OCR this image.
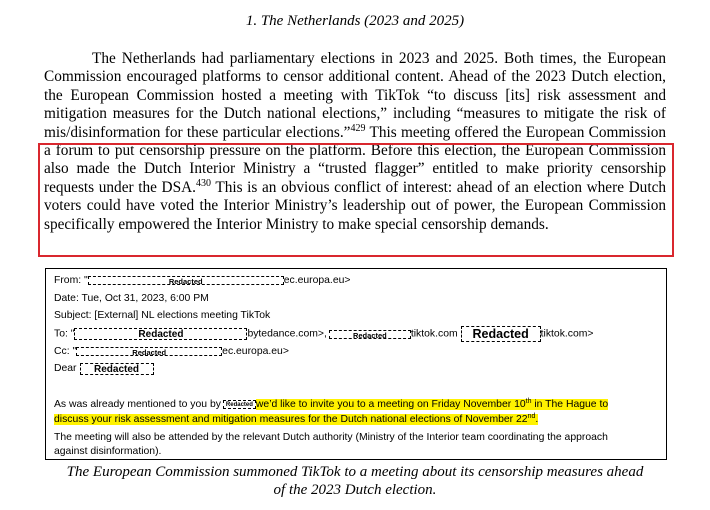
1. The Netherlands (2023 and 2025)

The Netherlands had parliamentary elections in 2023 and 2025. Both times, the European Commission encouraged platforms to censor additional content. Ahead of the 2023 Dutch election, the European Commission hosted a meeting with TikTok “to discuss [its] risk assessment and mitigation measures for the Dutch national elections,” including “measures to mitigate the risk of mis/disinformation for these particular elections.”$^{429}$ This meeting offered the European Commission a forum to put censorship pressure on the platform. Before this election, the European Commission also made the Dutch Interior Ministry a “trusted flagger” entitled to make priority censorship requests under the DSA.$^{430}$ This is an obvious conflict of interest: ahead of an election where Dutch voters could have voted the Interior Ministry’s leadership out of power, the European Commission specifically empowered the Interior Ministry to make special censorship demands.

From: "	Redacted	ec.europa.eu>
Date: Tue, Oct 31, 2023, 6:00 PM
Subject: [External] NL elections meeting TikTok
To: "	Redacted	bytedance.com>,	Redacted tiktok.com Redacted tiktok.com>
Cc: "	Redacted	ec.europa.eu>
Dear Redacted
As was already mentioned to you by Redacted we’d like to invite you to a meeting on Friday November 10th in The Hague to
discuss your risk assessment and mitigation measures for the Dutch national elections of November 22nd.
The meeting will also be attended by the relevant Dutch authority (Ministry of the Interior team coordinating the approach
against disinformation).
The European Commission summoned TikTok to a meeting about its censorship measures ahead
of the 2023 Dutch election.
